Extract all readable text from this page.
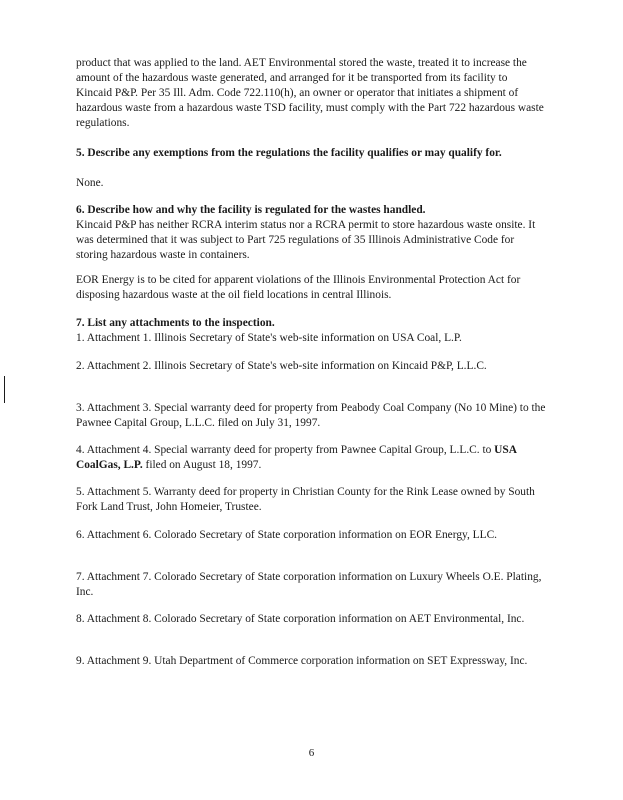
product that was applied to the land. AET Environmental stored the waste, treated it to increase the amount of the hazardous waste generated, and arranged for it be transported from its facility to Kincaid P&P. Per 35 Ill. Adm. Code 722.110(h), an owner or operator that initiates a shipment of hazardous waste from a hazardous waste TSD facility, must comply with the Part 722 hazardous waste regulations.

5. Describe any exemptions from the regulations the facility qualifies or may qualify for.

None.

6. Describe how and why the facility is regulated for the wastes handled.

Kincaid P&P has neither RCRA interim status nor a RCRA permit to store hazardous waste onsite. It was determined that it was subject to Part 725 regulations of 35 Illinois Administrative Code for storing hazardous waste in containers.

EOR Energy is to be cited for apparent violations of the Illinois Environmental Protection Act for disposing hazardous waste at the oil field locations in central Illinois.

7. List any attachments to the inspection.

1. Attachment 1. Illinois Secretary of State's web-site information on USA Coal, L.P.

2. Attachment 2. Illinois Secretary of State's web-site information on Kincaid P&P, L.L.C.

3. Attachment 3. Special warranty deed for property from Peabody Coal Company (No 10 Mine) to the Pawnee Capital Group, L.L.C. filed on July 31, 1997.

4. Attachment 4. Special warranty deed for property from Pawnee Capital Group, L.L.C. to USA CoalGas, L.P. filed on August 18, 1997.

5. Attachment 5. Warranty deed for property in Christian County for the Rink Lease owned by South Fork Land Trust, John Homeier, Trustee.

6. Attachment 6. Colorado Secretary of State corporation information on EOR Energy, LLC.

7. Attachment 7. Colorado Secretary of State corporation information on Luxury Wheels O.E. Plating, Inc.

8. Attachment 8. Colorado Secretary of State corporation information on AET Environmental, Inc.

9. Attachment 9. Utah Department of Commerce corporation information on SET Expressway, Inc.

6
